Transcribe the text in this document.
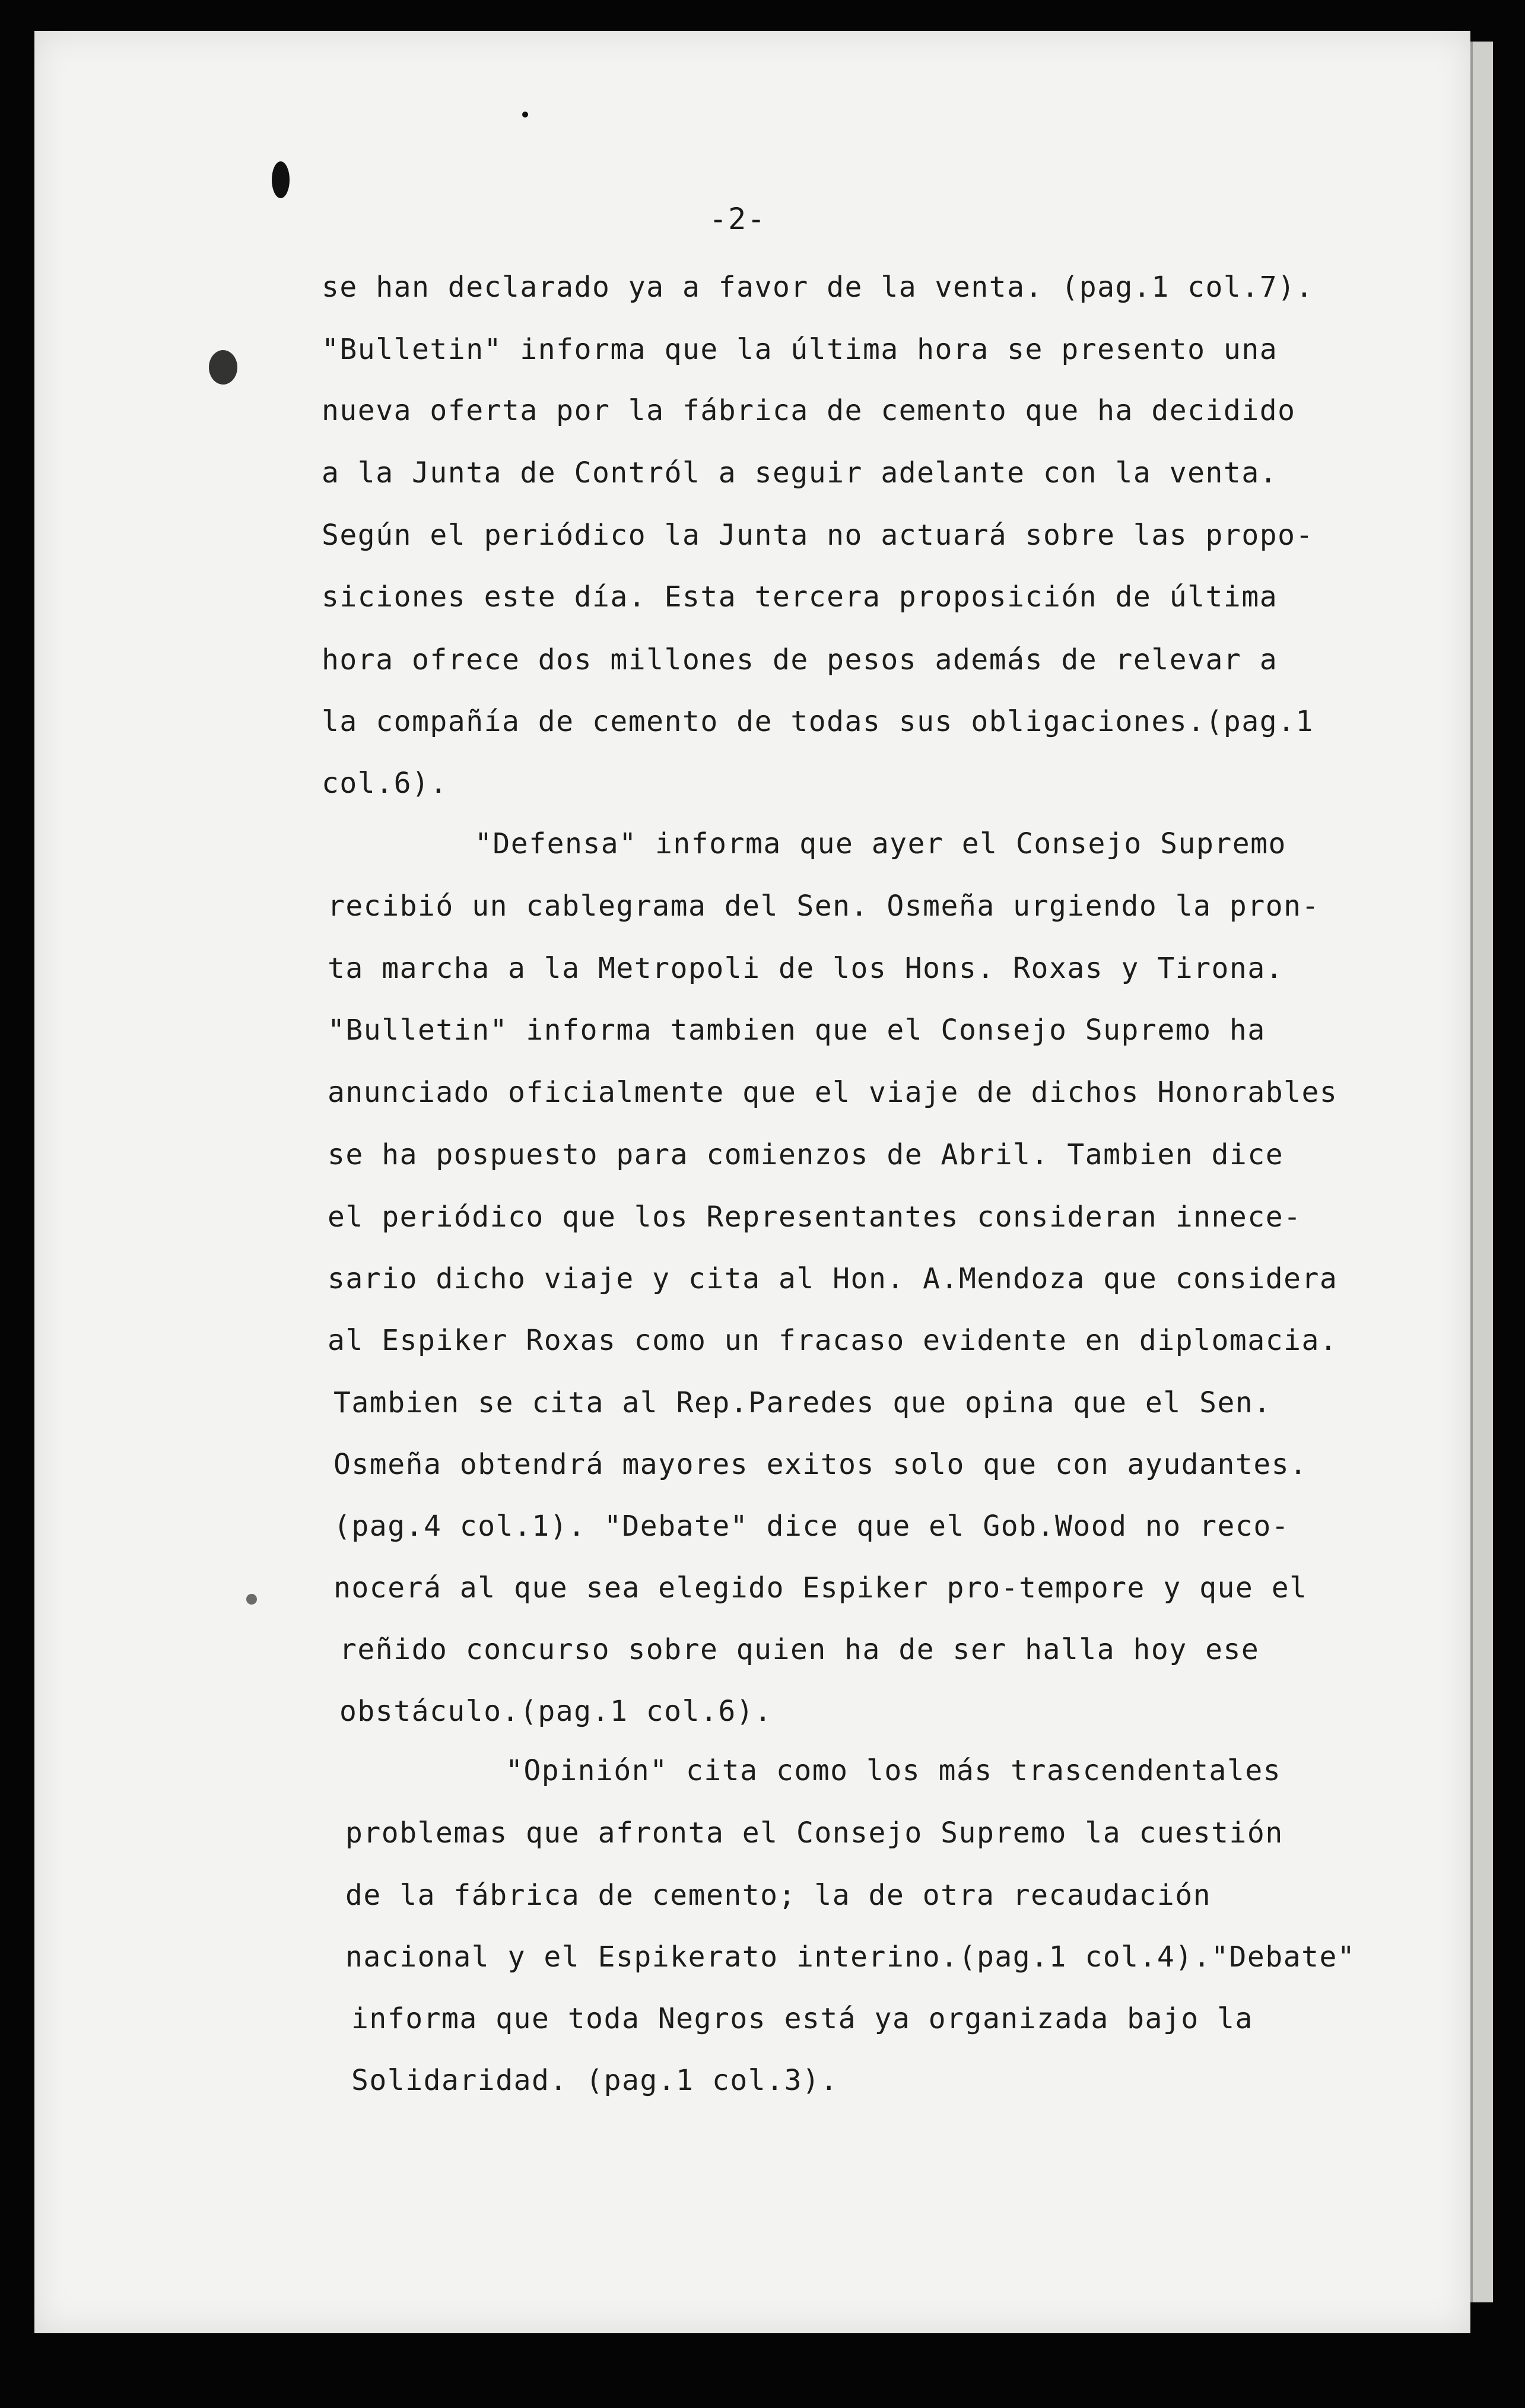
-2-
se han declarado ya a favor de la venta. (pag.1 col.7).
"Bulletin" informa que la última hora se presento una
nueva oferta por la fábrica de cemento que ha decidido
a la Junta de Contról a seguir adelante con la venta.
Según el periódico la Junta no actuará sobre las propo-
siciones este día. Esta tercera proposición de última
hora ofrece dos millones de pesos además de relevar a
la compañía de cemento de todas sus obligaciones.(pag.1
col.6).
"Defensa" informa que ayer el Consejo Supremo
recibió un cablegrama del Sen. Osmeña urgiendo la pron-
ta marcha a la Metropoli de los Hons. Roxas y Tirona.
"Bulletin" informa tambien que el Consejo Supremo ha
anunciado oficialmente que el viaje de dichos Honorables
se ha pospuesto para comienzos de Abril. Tambien dice
el periódico que los Representantes consideran innece-
sario dicho viaje y cita al Hon. A.Mendoza que considera
al Espiker Roxas como un fracaso evidente en diplomacia.
Tambien se cita al Rep.Paredes que opina que el Sen.
Osmeña obtendrá mayores exitos solo que con ayudantes.
(pag.4 col.1). "Debate" dice que el Gob.Wood no reco-
nocerá al que sea elegido Espiker pro-tempore y que el
reñido concurso sobre quien ha de ser halla hoy ese
obstáculo.(pag.1 col.6).
"Opinión" cita como los más trascendentales
problemas que afronta el Consejo Supremo la cuestión
de la fábrica de cemento; la de otra recaudación
nacional y el Espikerato interino.(pag.1 col.4)."Debate"
informa que toda Negros está ya organizada bajo la
Solidaridad. (pag.1 col.3).
